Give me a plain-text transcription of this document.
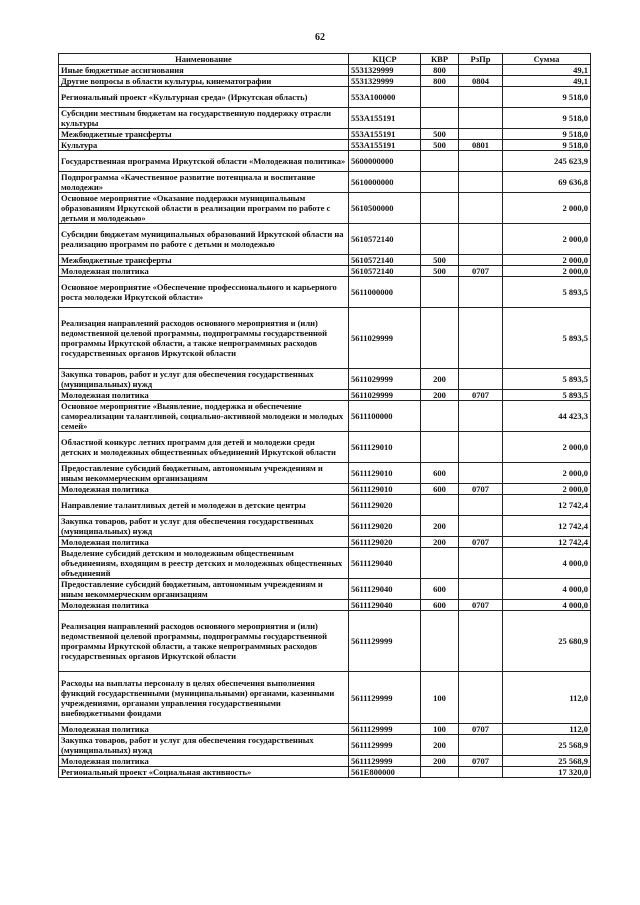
62
Наименование	КЦСР	КВР	РзПр	Сумма
Иные бюджетные ассигнования	5531329999	800		49,1
Другие вопросы в области культуры, кинематографии	5531329999	800	0804	49,1
Региональный проект «Культурная среда» (Иркутская область)	553A100000			9 518,0
Субсидии местным бюджетам на государственную поддержку отрасли культуры	553A155191			9 518,0
Межбюджетные трансферты	553A155191	500		9 518,0
Культура	553A155191	500	0801	9 518,0
Государственная программа Иркутской области «Молодежная политика»	5600000000			245 623,9
Подпрограмма «Качественное развитие потенциала и воспитание молодежи»	5610000000			69 636,8
Основное мероприятие «Оказание поддержки муниципальным образованиям Иркутской области в реализации программ по работе с детьми и молодежью»	5610500000			2 000,0
Субсидии бюджетам муниципальных образований Иркутской области на реализацию программ по работе с детьми и молодежью	5610572140			2 000,0
Межбюджетные трансферты	5610572140	500		2 000,0
Молодежная политика	5610572140	500	0707	2 000,0
Основное мероприятие «Обеспечение профессионального и карьерного роста молодежи Иркутской области»	5611000000			5 893,5
Реализация направлений расходов основного мероприятия и (или) ведомственной целевой программы, подпрограммы государственной программы Иркутской области, а также непрограммных расходов государственных органов Иркутской области	5611029999			5 893,5
Закупка товаров, работ и услуг для обеспечения государственных (муниципальных) нужд	5611029999	200		5 893,5
Молодежная политика	5611029999	200	0707	5 893,5
Основное мероприятие «Выявление, поддержка и обеспечение самореализации талантливой, социально-активной молодежи и молодых семей»	5611100000			44 423,3
Областной конкурс летних программ для детей и молодежи среди детских и молодежных общественных объединений Иркутской области	5611129010			2 000,0
Предоставление субсидий бюджетным, автономным учреждениям и иным некоммерческим организациям	5611129010	600		2 000,0
Молодежная политика	5611129010	600	0707	2 000,0
Направление талантливых детей и молодежи в детские центры	5611129020			12 742,4
Закупка товаров, работ и услуг для обеспечения государственных (муниципальных) нужд	5611129020	200		12 742,4
Молодежная политика	5611129020	200	0707	12 742,4
Выделение субсидий детским и молодежным общественным объединениям, входящим в реестр детских и молодежных общественных объединений	5611129040			4 000,0
Предоставление субсидий бюджетным, автономным учреждениям и иным некоммерческим организациям	5611129040	600		4 000,0
Молодежная политика	5611129040	600	0707	4 000,0
Реализация направлений расходов основного мероприятия и (или) ведомственной целевой программы, подпрограммы государственной программы Иркутской области, а также непрограммных расходов государственных органов Иркутской области	5611129999			25 680,9
Расходы на выплаты персоналу в целях обеспечения выполнения функций государственными (муниципальными) органами, казенными учреждениями, органами управления государственными внебюджетными фондами	5611129999	100		112,0
Молодежная политика	5611129999	100	0707	112,0
Закупка товаров, работ и услуг для обеспечения государственных (муниципальных) нужд	5611129999	200		25 568,9
Молодежная политика	5611129999	200	0707	25 568,9
Региональный проект «Социальная активность»	561E800000			17 320,0
